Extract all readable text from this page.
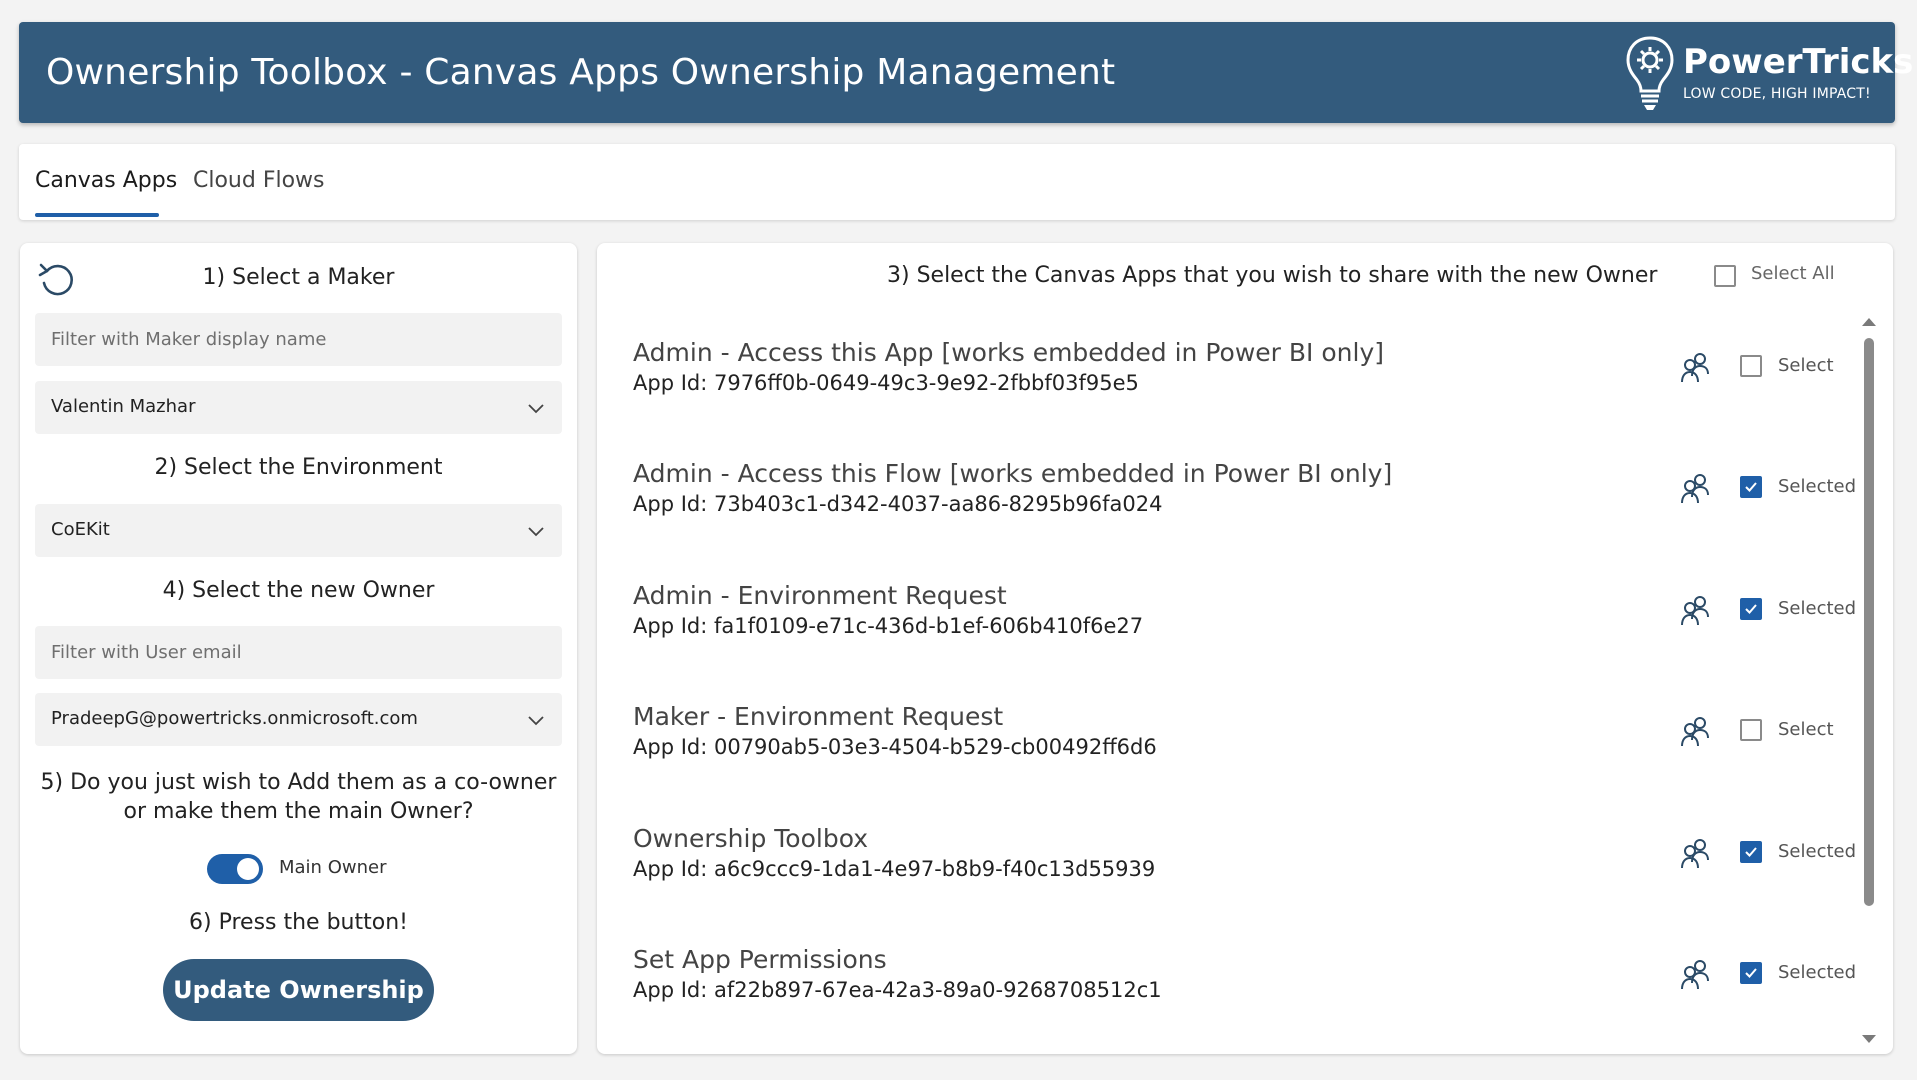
Ownership Toolbox - Canvas Apps Ownership Management	PowerTricks
LOW CODE, HIGH IMPACT!
Canvas Apps Cloud Flows
1) Select a Maker
Filter with Maker display name
Valentin Mazhar
2) Select the Environment
CoEKit
4) Select the new Owner
Filter with User email
PradeepG@powertricks.onmicrosoft.com
5) Do you just wish to Add them as a co-owner or make them the main Owner?
Main Owner
6) Press the button!
Update Ownership
3) Select the Canvas Apps that you wish to share with the new Owner	Select All
Admin - Access this App [works embedded in Power BI only]
App Id: 7976ff0b-0649-49c3-9e92-2fbbf03f95e5
Select
Admin - Access this Flow [works embedded in Power BI only]
App Id: 73b403c1-d342-4037-aa86-8295b96fa024
Selected
Admin - Environment Request
App Id: fa1f0109-e71c-436d-b1ef-606b410f6e27
Selected
Maker - Environment Request
App Id: 00790ab5-03e3-4504-b529-cb00492ff6d6
Select
Ownership Toolbox
App Id: a6c9ccc9-1da1-4e97-b8b9-f40c13d55939
Selected
Set App Permissions
App Id: af22b897-67ea-42a3-89a0-9268708512c1
Selected
